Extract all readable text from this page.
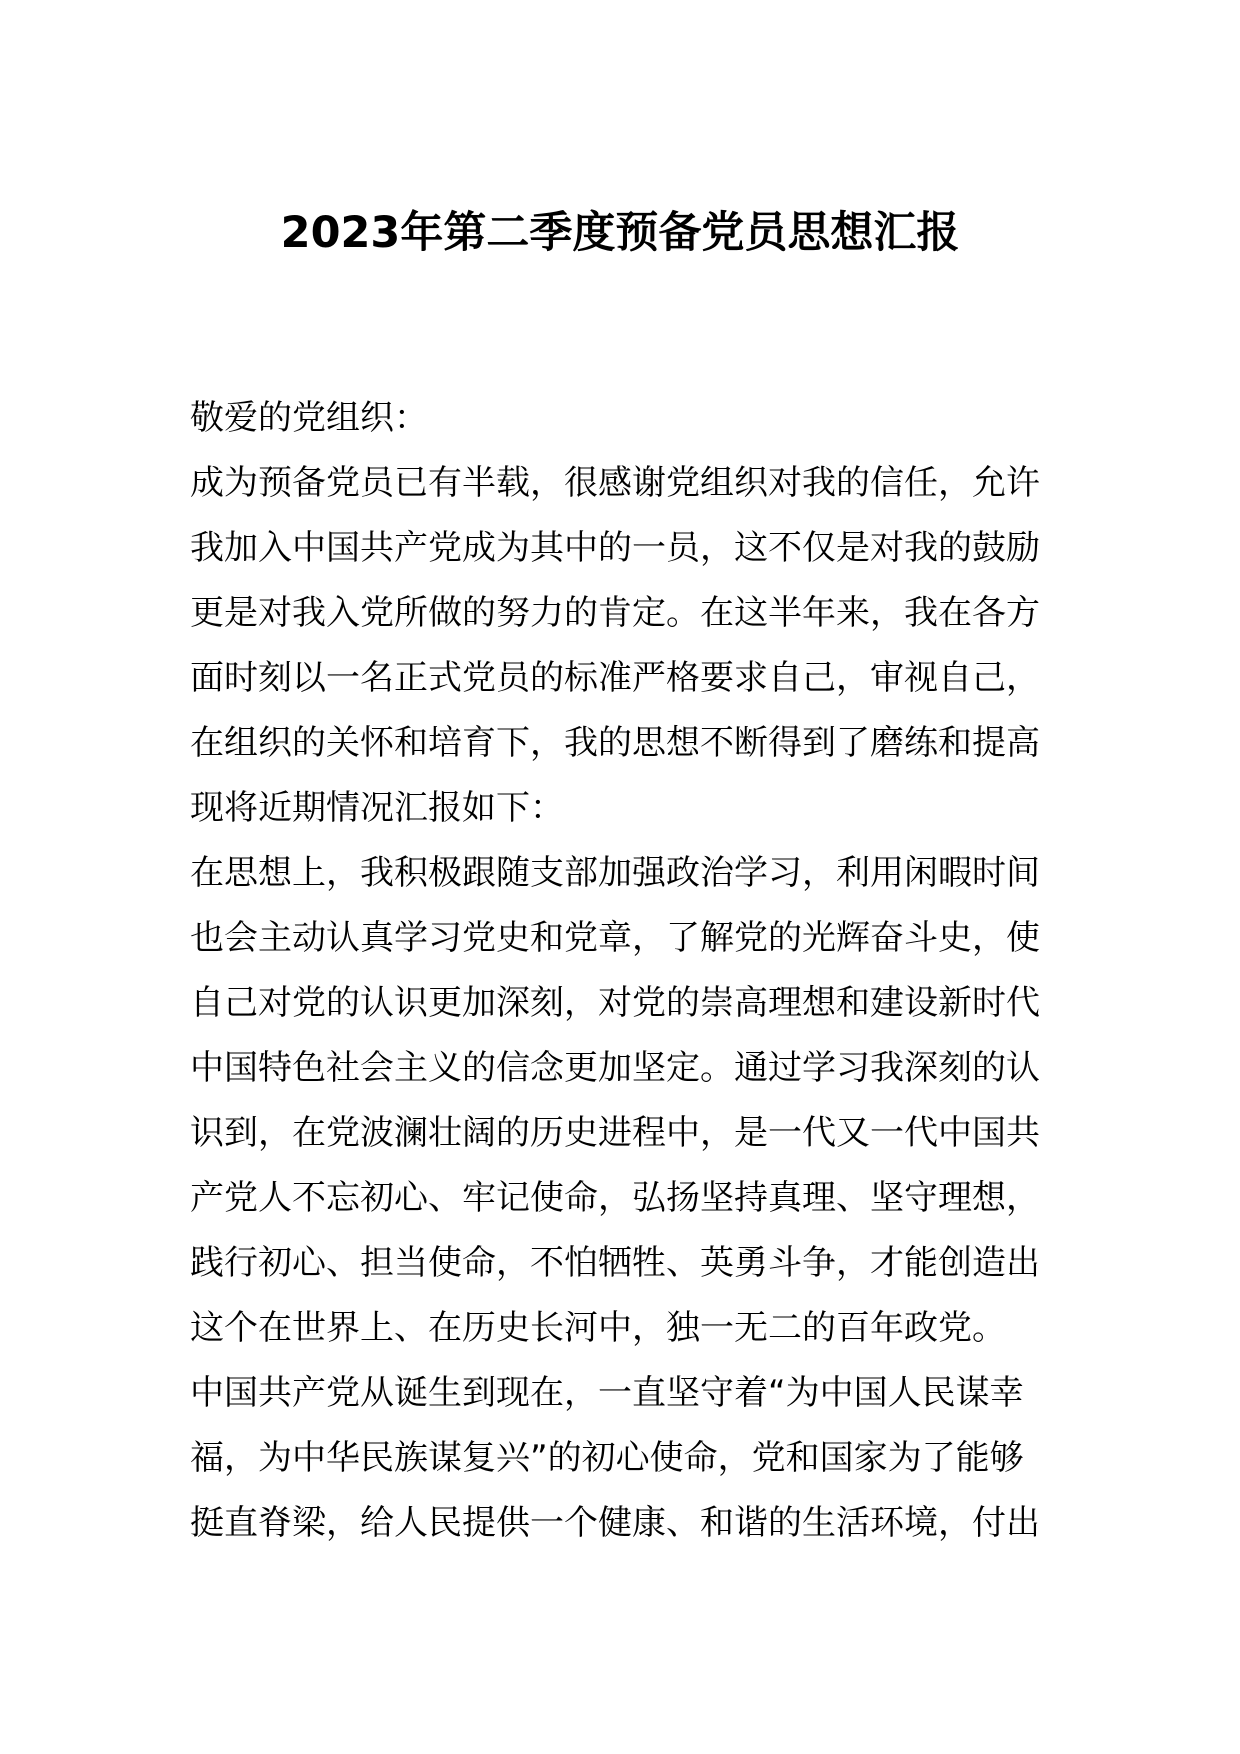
2023年第二季度预备党员思想汇报
敬爱的党组织：
成为预备党员已有半载，很感谢党组织对我的信任，允许
我加入中国共产党成为其中的一员，这不仅是对我的鼓励
更是对我入党所做的努力的肯定。在这半年来，我在各方
面时刻以一名正式党员的标准严格要求自己，审视自己，
在组织的关怀和培育下，我的思想不断得到了磨练和提高
现将近期情况汇报如下：
在思想上，我积极跟随支部加强政治学习，利用闲暇时间
也会主动认真学习党史和党章，了解党的光辉奋斗史，使
自己对党的认识更加深刻，对党的崇高理想和建设新时代
中国特色社会主义的信念更加坚定。通过学习我深刻的认
识到，在党波澜壮阔的历史进程中，是一代又一代中国共
产党人不忘初心、牢记使命，弘扬坚持真理、坚守理想，
践行初心、担当使命，不怕牺牲、英勇斗争，才能创造出
这个在世界上、在历史长河中，独一无二的百年政党。
中国共产党从诞生到现在，一直坚守着“为中国人民谋幸
福，为中华民族谋复兴”的初心使命，党和国家为了能够
挺直脊梁，给人民提供一个健康、和谐的生活环境，付出
